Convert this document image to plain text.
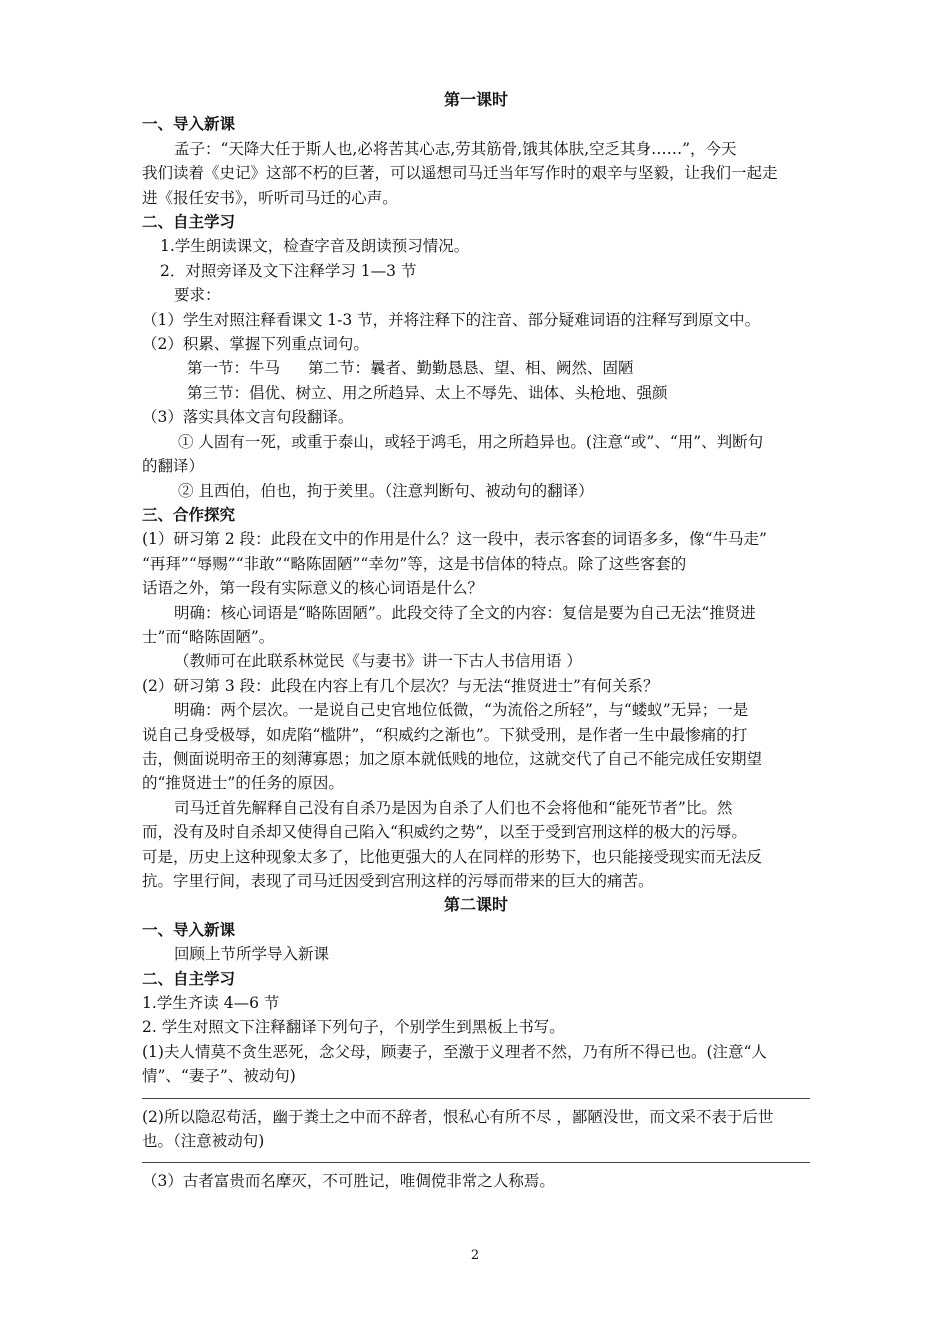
第一课时
一、导入新课
孟子：“天降大任于斯人也,必将苦其心志,劳其筋骨,饿其体肤,空乏其身……”，今天
我们读着《史记》这部不朽的巨著，可以遥想司马迁当年写作时的艰辛与坚毅，让我们一起走
进《报任安书》，听听司马迁的心声。
二、自主学习
1.学生朗读课文，检查字音及朗读预习情况。
2．对照旁译及文下注释学习 1—3 节
要求：
（1）学生对照注释看课文 1-3 节，并将注释下的注音、部分疑难词语的注释写到原文中。
（2）积累、掌握下列重点词句。
第一节：牛马 第二节：曩者、勤勤恳恳、望、相、阙然、固陋
第三节：倡优、树立、用之所趋异、太上不辱先、诎体、头枪地、强颜
（3）落实具体文言句段翻译。
① 人固有一死，或重于泰山，或轻于鸿毛，用之所趋异也。(注意“或”、“用”、判断句
的翻译）
② 且西伯，伯也，拘于羑里。（注意判断句、被动句的翻译）
三、合作探究
(1）研习第 2 段：此段在文中的作用是什么？这一段中，表示客套的词语多多，像“牛马走”
“再拜”“辱赐”“非敢”“略陈固陋”“幸勿”等，这是书信体的特点。除了这些客套的
话语之外，第一段有实际意义的核心词语是什么？
明确：核心词语是“略陈固陋”。此段交待了全文的内容：复信是要为自己无法“推贤进
士”而“略陈固陋”。
（教师可在此联系林觉民《与妻书》讲一下古人书信用语 ）
(2）研习第 3 段：此段在内容上有几个层次？与无法“推贤进士”有何关系？
明确：两个层次。一是说自己史官地位低微，“为流俗之所轻”，与“蝼蚁”无异；一是
说自己身受极辱，如虎陷“槛阱”，“积威约之渐也”。下狱受刑，是作者一生中最惨痛的打
击，侧面说明帝王的刻薄寡恩；加之原本就低贱的地位，这就交代了自己不能完成任安期望
的“推贤进士”的任务的原因。
司马迁首先解释自己没有自杀乃是因为自杀了人们也不会将他和“能死节者”比。然
而，没有及时自杀却又使得自己陷入“积威约之势”，以至于受到宫刑这样的极大的污辱。
可是，历史上这种现象太多了，比他更强大的人在同样的形势下，也只能接受现实而无法反
抗。字里行间，表现了司马迁因受到宫刑这样的污辱而带来的巨大的痛苦。
第二课时
一、导入新课
回顾上节所学导入新课
二、自主学习
1.学生齐读 4—6 节
2. 学生对照文下注释翻译下列句子，个别学生到黑板上书写。
(1)夫人情莫不贪生恶死，念父母，顾妻子，至激于义理者不然，乃有所不得已也。(注意“人
情”、“妻子”、被动句)
(2)所以隐忍苟活，幽于粪土之中而不辞者，恨私心有所不尽 ，鄙陋没世，而文采不表于后世
也。（注意被动句)
（3）古者富贵而名摩灭，不可胜记，唯倜傥非常之人称焉。
2
